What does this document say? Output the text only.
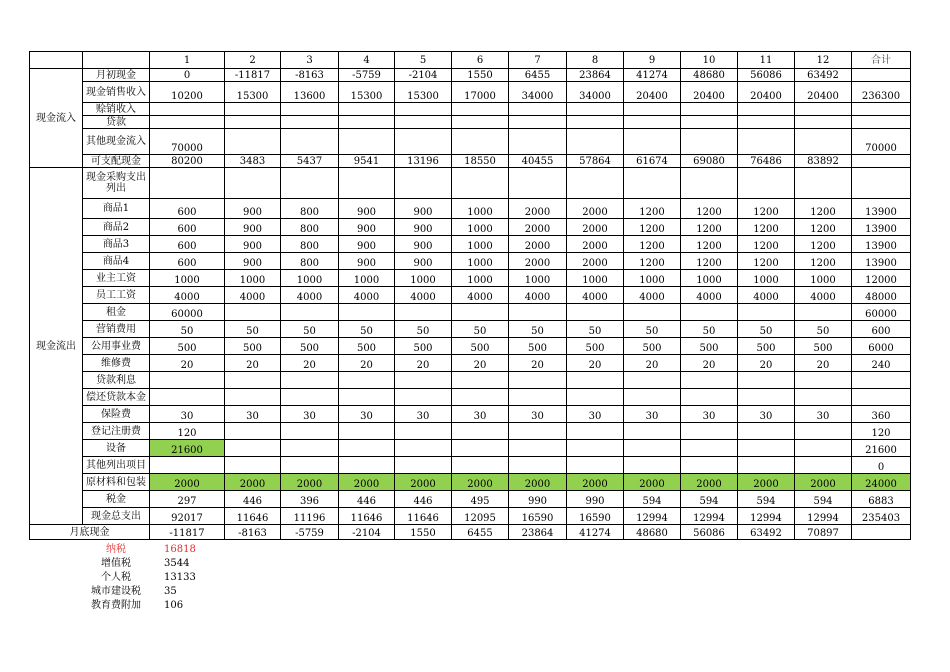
		1	2	3	4	5	6	7	8	9	10	11	12	合计
现金流入	月初现金	0	-11817	-8163	-5759	-2104	1550	6455	23864	41274	48680	56086	63492	
	现金销售收入	10200	15300	13600	15300	15300	17000	34000	34000	20400	20400	20400	20400	236300
	赊销收入													
	贷款													
	其他现金流入	70000												70000
	可支配现金	80200	3483	5437	9541	13196	18550	40455	57864	61674	69080	76486	83892	
现金流出	现金采购支出列出													
	商品1	600	900	800	900	900	1000	2000	2000	1200	1200	1200	1200	13900
	商品2	600	900	800	900	900	1000	2000	2000	1200	1200	1200	1200	13900
	商品3	600	900	800	900	900	1000	2000	2000	1200	1200	1200	1200	13900
	商品4	600	900	800	900	900	1000	2000	2000	1200	1200	1200	1200	13900
	业主工资	1000	1000	1000	1000	1000	1000	1000	1000	1000	1000	1000	1000	12000
	员工工资	4000	4000	4000	4000	4000	4000	4000	4000	4000	4000	4000	4000	48000
	租金	60000												60000
	营销费用	50	50	50	50	50	50	50	50	50	50	50	50	600
	公用事业费	500	500	500	500	500	500	500	500	500	500	500	500	6000
	维修费	20	20	20	20	20	20	20	20	20	20	20	20	240
	贷款利息													
	偿还贷款本金													
	保险费	30	30	30	30	30	30	30	30	30	30	30	30	360
	登记注册费	120												120
	设备	21600												21600
	其他列出项目													0
	原材料和包装	2000	2000	2000	2000	2000	2000	2000	2000	2000	2000	2000	2000	24000
	税金	297	446	396	446	446	495	990	990	594	594	594	594	6883
	现金总支出	92017	11646	11196	11646	11646	12095	16590	16590	12994	12994	12994	12994	235403
月底现金		-11817	-8163	-5759	-2104	1550	6455	23864	41274	48680	56086	63492	70897	
纳税	16818
增值税	3544
个人税	13133
城市建设税	35
教育费附加	106
